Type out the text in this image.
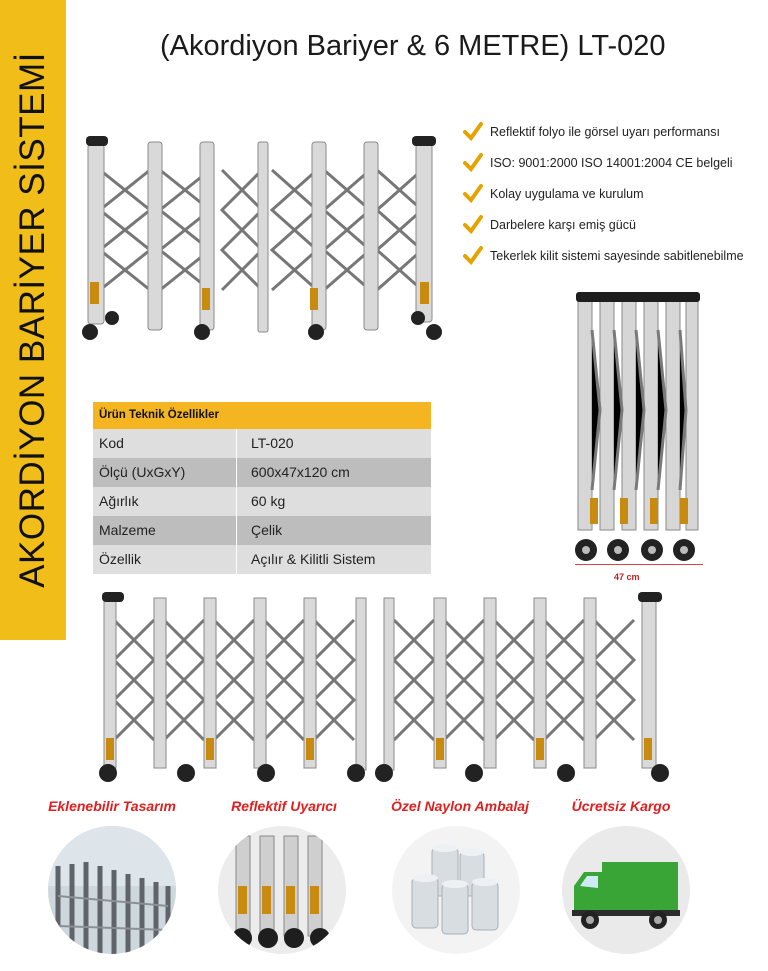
AKORDİYON BARİYER SİSTEMİ
(Akordiyon Bariyer & 6 METRE) LT-020
Reflektif folyo ile görsel uyarı performansı
ISO: 9001:2000 ISO 14001:2004 CE belgeli
Kolay uygulama ve kurulum
Darbelere karşı emiş gücü
Tekerlek kilit sistemi sayesinde sabitlenebilme
47 cm
Ürün Teknik Özellikler
Kod	LT-020
Ölçü (UxGxY)	600x47x120 cm
Ağırlık	60 kg
Malzeme	Çelik
Özellik	Açılır & Kilitli Sistem
Eklenebilir Tasarım	Reflektif Uyarıcı	Özel Naylon Ambalaj	Ücretsiz Kargo
